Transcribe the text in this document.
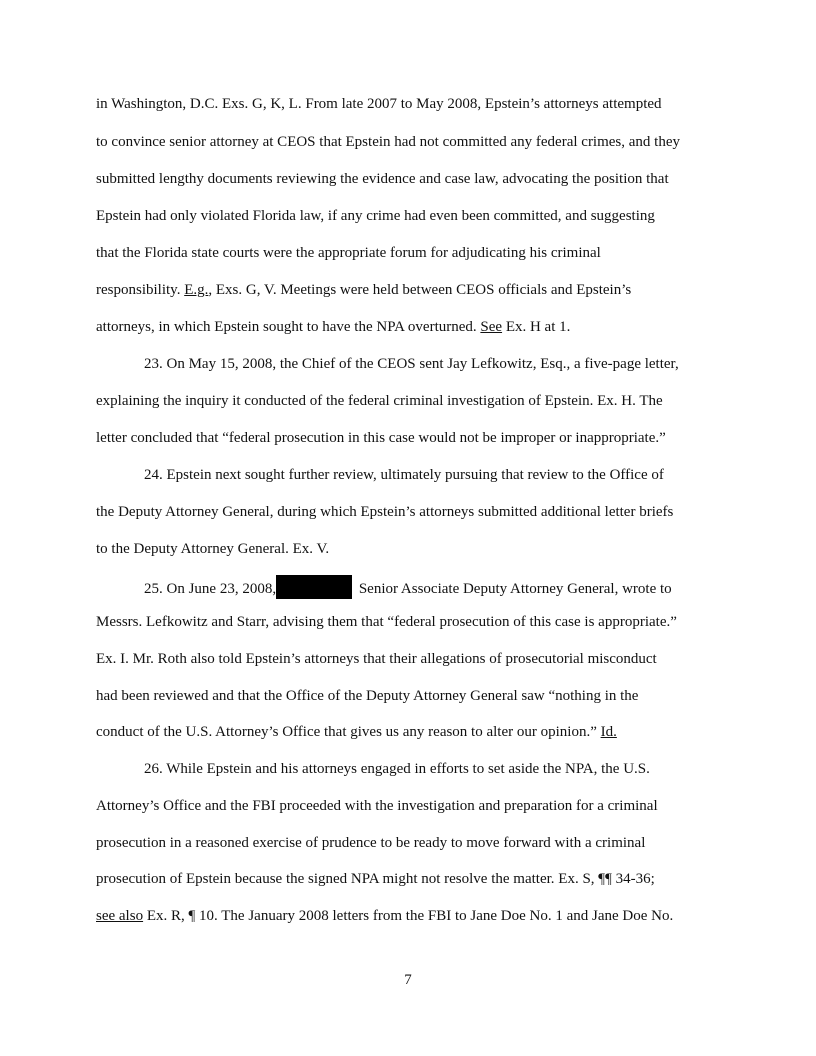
in Washington, D.C. Exs. G, K, L. From late 2007 to May 2008, Epstein’s attorneys attempted
to convince senior attorney at CEOS that Epstein had not committed any federal crimes, and they
submitted lengthy documents reviewing the evidence and case law, advocating the position that
Epstein had only violated Florida law, if any crime had even been committed, and suggesting
that the Florida state courts were the appropriate forum for adjudicating his criminal
responsibility. E.g., Exs. G, V. Meetings were held between CEOS officials and Epstein’s
attorneys, in which Epstein sought to have the NPA overturned. See Ex. H at 1.
23. On May 15, 2008, the Chief of the CEOS sent Jay Lefkowitz, Esq., a five-page letter,
explaining the inquiry it conducted of the federal criminal investigation of Epstein. Ex. H. The
letter concluded that “federal prosecution in this case would not be improper or inappropriate.”
24. Epstein next sought further review, ultimately pursuing that review to the Office of
the Deputy Attorney General, during which Epstein’s attorneys submitted additional letter briefs
to the Deputy Attorney General. Ex. V.
25. On June 23, 2008,	Senior Associate Deputy Attorney General, wrote to
Messrs. Lefkowitz and Starr, advising them that “federal prosecution of this case is appropriate.”
Ex. I. Mr. Roth also told Epstein’s attorneys that their allegations of prosecutorial misconduct
had been reviewed and that the Office of the Deputy Attorney General saw “nothing in the
conduct of the U.S. Attorney’s Office that gives us any reason to alter our opinion.” Id.
26. While Epstein and his attorneys engaged in efforts to set aside the NPA, the U.S.
Attorney’s Office and the FBI proceeded with the investigation and preparation for a criminal
prosecution in a reasoned exercise of prudence to be ready to move forward with a criminal
prosecution of Epstein because the signed NPA might not resolve the matter. Ex. S, ¶¶ 34-36;
see also Ex. R, ¶ 10. The January 2008 letters from the FBI to Jane Doe No. 1 and Jane Doe No.
7
